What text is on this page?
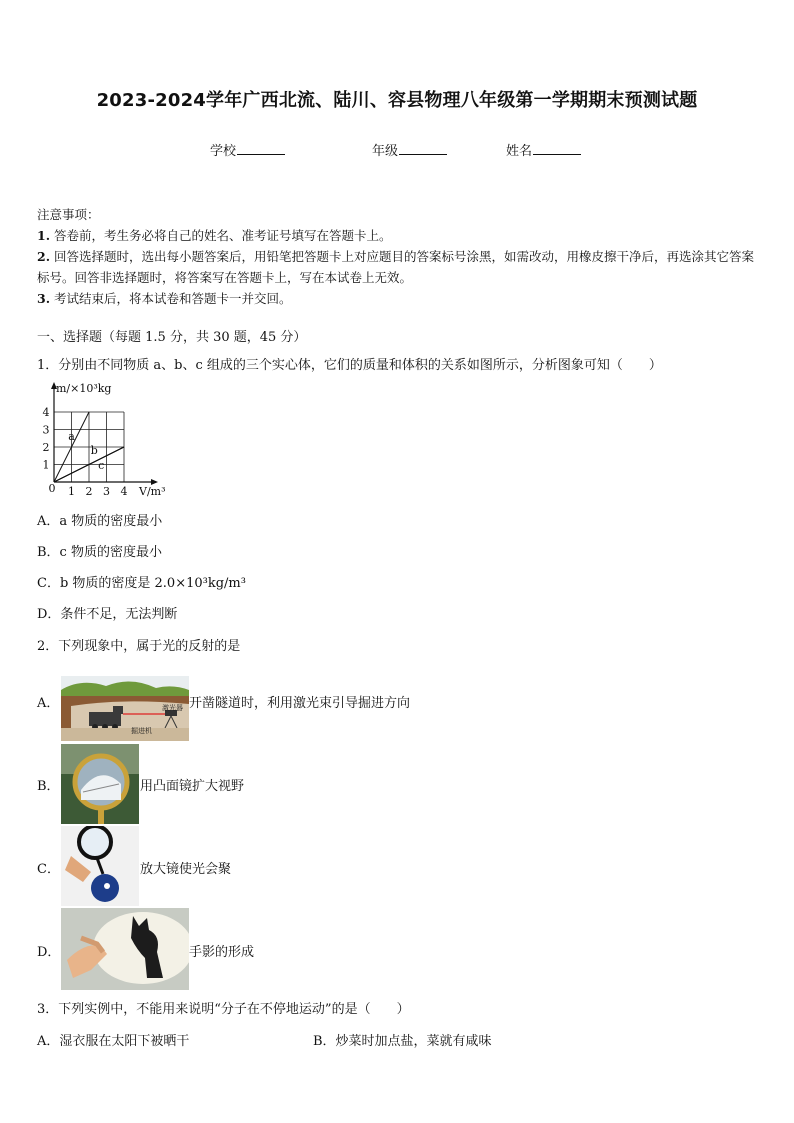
2023-2024学年广西北流、陆川、容县物理八年级第一学期期末预测试题
学校	年级	姓名
注意事项：
1. 答卷前，考生务必将自己的姓名、准考证号填写在答题卡上。
2. 回答选择题时，选出每小题答案后，用铅笔把答题卡上对应题目的答案标号涂黑，如需改动，用橡皮擦干净后，再选涂其它答案标号。回答非选择题时，将答案写在答题卡上，写在本试卷上无效。
3. 考试结束后，将本试卷和答题卡一并交回。
一、选择题（每题 1.5 分，共 30 题，45 分）
1．分别由不同物质 a、b、c 组成的三个实心体，它们的质量和体积的关系如图所示，分析图象可知（　　）
1 2 3 4
1
2
3
4
0
m/×10³kg
V/m³
a
b
c
A．a 物质的密度最小
B．c 物质的密度最小
C．b 物质的密度是 2.0×10³kg/m³
D．条件不足，无法判断
2．下列现象中，属于光的反射的是
A．	激光器
掘进机
开凿隧道时，利用激光束引导掘进方向
B．	用凸面镜扩大视野
C．	放大镜使光会聚
D．	手影的形成
3．下列实例中，不能用来说明“分子在不停地运动”的是（　　）
A．湿衣服在太阳下被晒干	B．炒菜时加点盐，菜就有咸味
